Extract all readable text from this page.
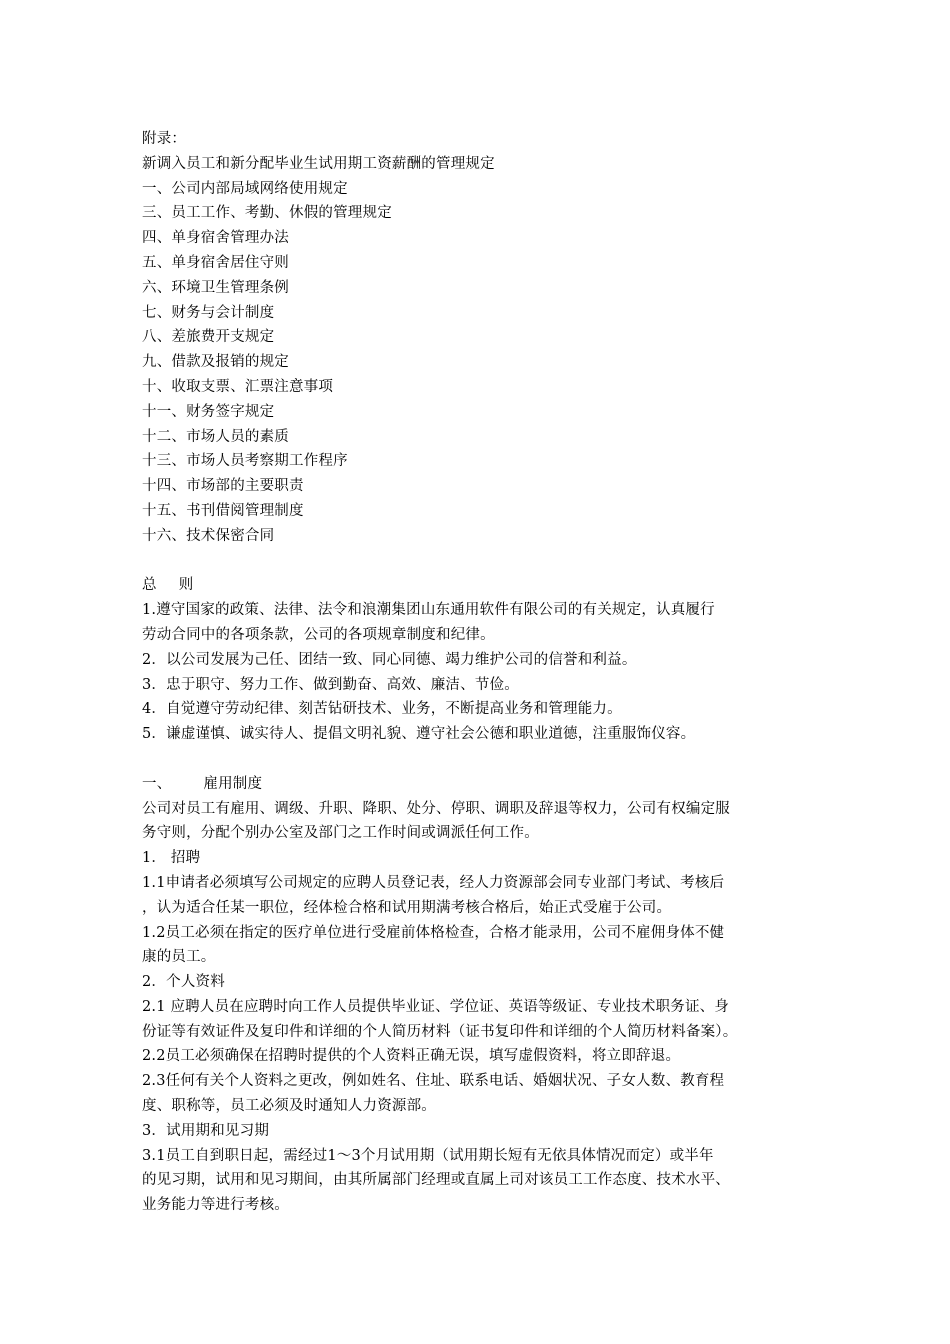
附录：
新调入员工和新分配毕业生试用期工资薪酬的管理规定
一、公司内部局域网络使用规定
三、员工工作、考勤、休假的管理规定
四、单身宿舍管理办法
五、单身宿舍居住守则
六、环境卫生管理条例
七、财务与会计制度
八、差旅费开支规定
九、借款及报销的规定
十、收取支票、汇票注意事项
十一、财务签字规定
十二、市场人员的素质
十三、市场人员考察期工作程序
十四、市场部的主要职责
十五、书刊借阅管理制度
十六、技术保密合同
总 则
1.遵守国家的政策、法律、法令和浪潮集团山东通用软件有限公司的有关规定，认真履行
劳动合同中的各项条款，公司的各项规章制度和纪律。
2．以公司发展为己任、团结一致、同心同德、竭力维护公司的信誉和利益。
3．忠于职守、努力工作、做到勤奋、高效、廉洁、节俭。
4．自觉遵守劳动纪律、刻苦钻研技术、业务，不断提高业务和管理能力。
5．谦虚谨慎、诚实待人、提倡文明礼貌、遵守社会公德和职业道德，注重服饰仪容。
一、 雇用制度
公司对员工有雇用、调级、升职、降职、处分、停职、调职及辞退等权力，公司有权编定服
务守则，分配个别办公室及部门之工作时间或调派任何工作。
1． 招聘
1.1申请者必须填写公司规定的应聘人员登记表，经人力资源部会同专业部门考试、考核后
，认为适合任某一职位，经体检合格和试用期满考核合格后，始正式受雇于公司。
1.2员工必须在指定的医疗单位进行受雇前体格检查，合格才能录用，公司不雇佣身体不健
康的员工。
2．个人资料
2.1 应聘人员在应聘时向工作人员提供毕业证、学位证、英语等级证、专业技术职务证、身
份证等有效证件及复印件和详细的个人简历材料（证书复印件和详细的个人简历材料备案）。
2.2员工必须确保在招聘时提供的个人资料正确无误，填写虚假资料，将立即辞退。
2.3任何有关个人资料之更改，例如姓名、住址、联系电话、婚姻状况、子女人数、教育程
度、职称等，员工必须及时通知人力资源部。
3．试用期和见习期
3.1员工自到职日起，需经过1～3个月试用期（试用期长短有无依具体情况而定）或半年
的见习期，试用和见习期间，由其所属部门经理或直属上司对该员工工作态度、技术水平、
业务能力等进行考核。
